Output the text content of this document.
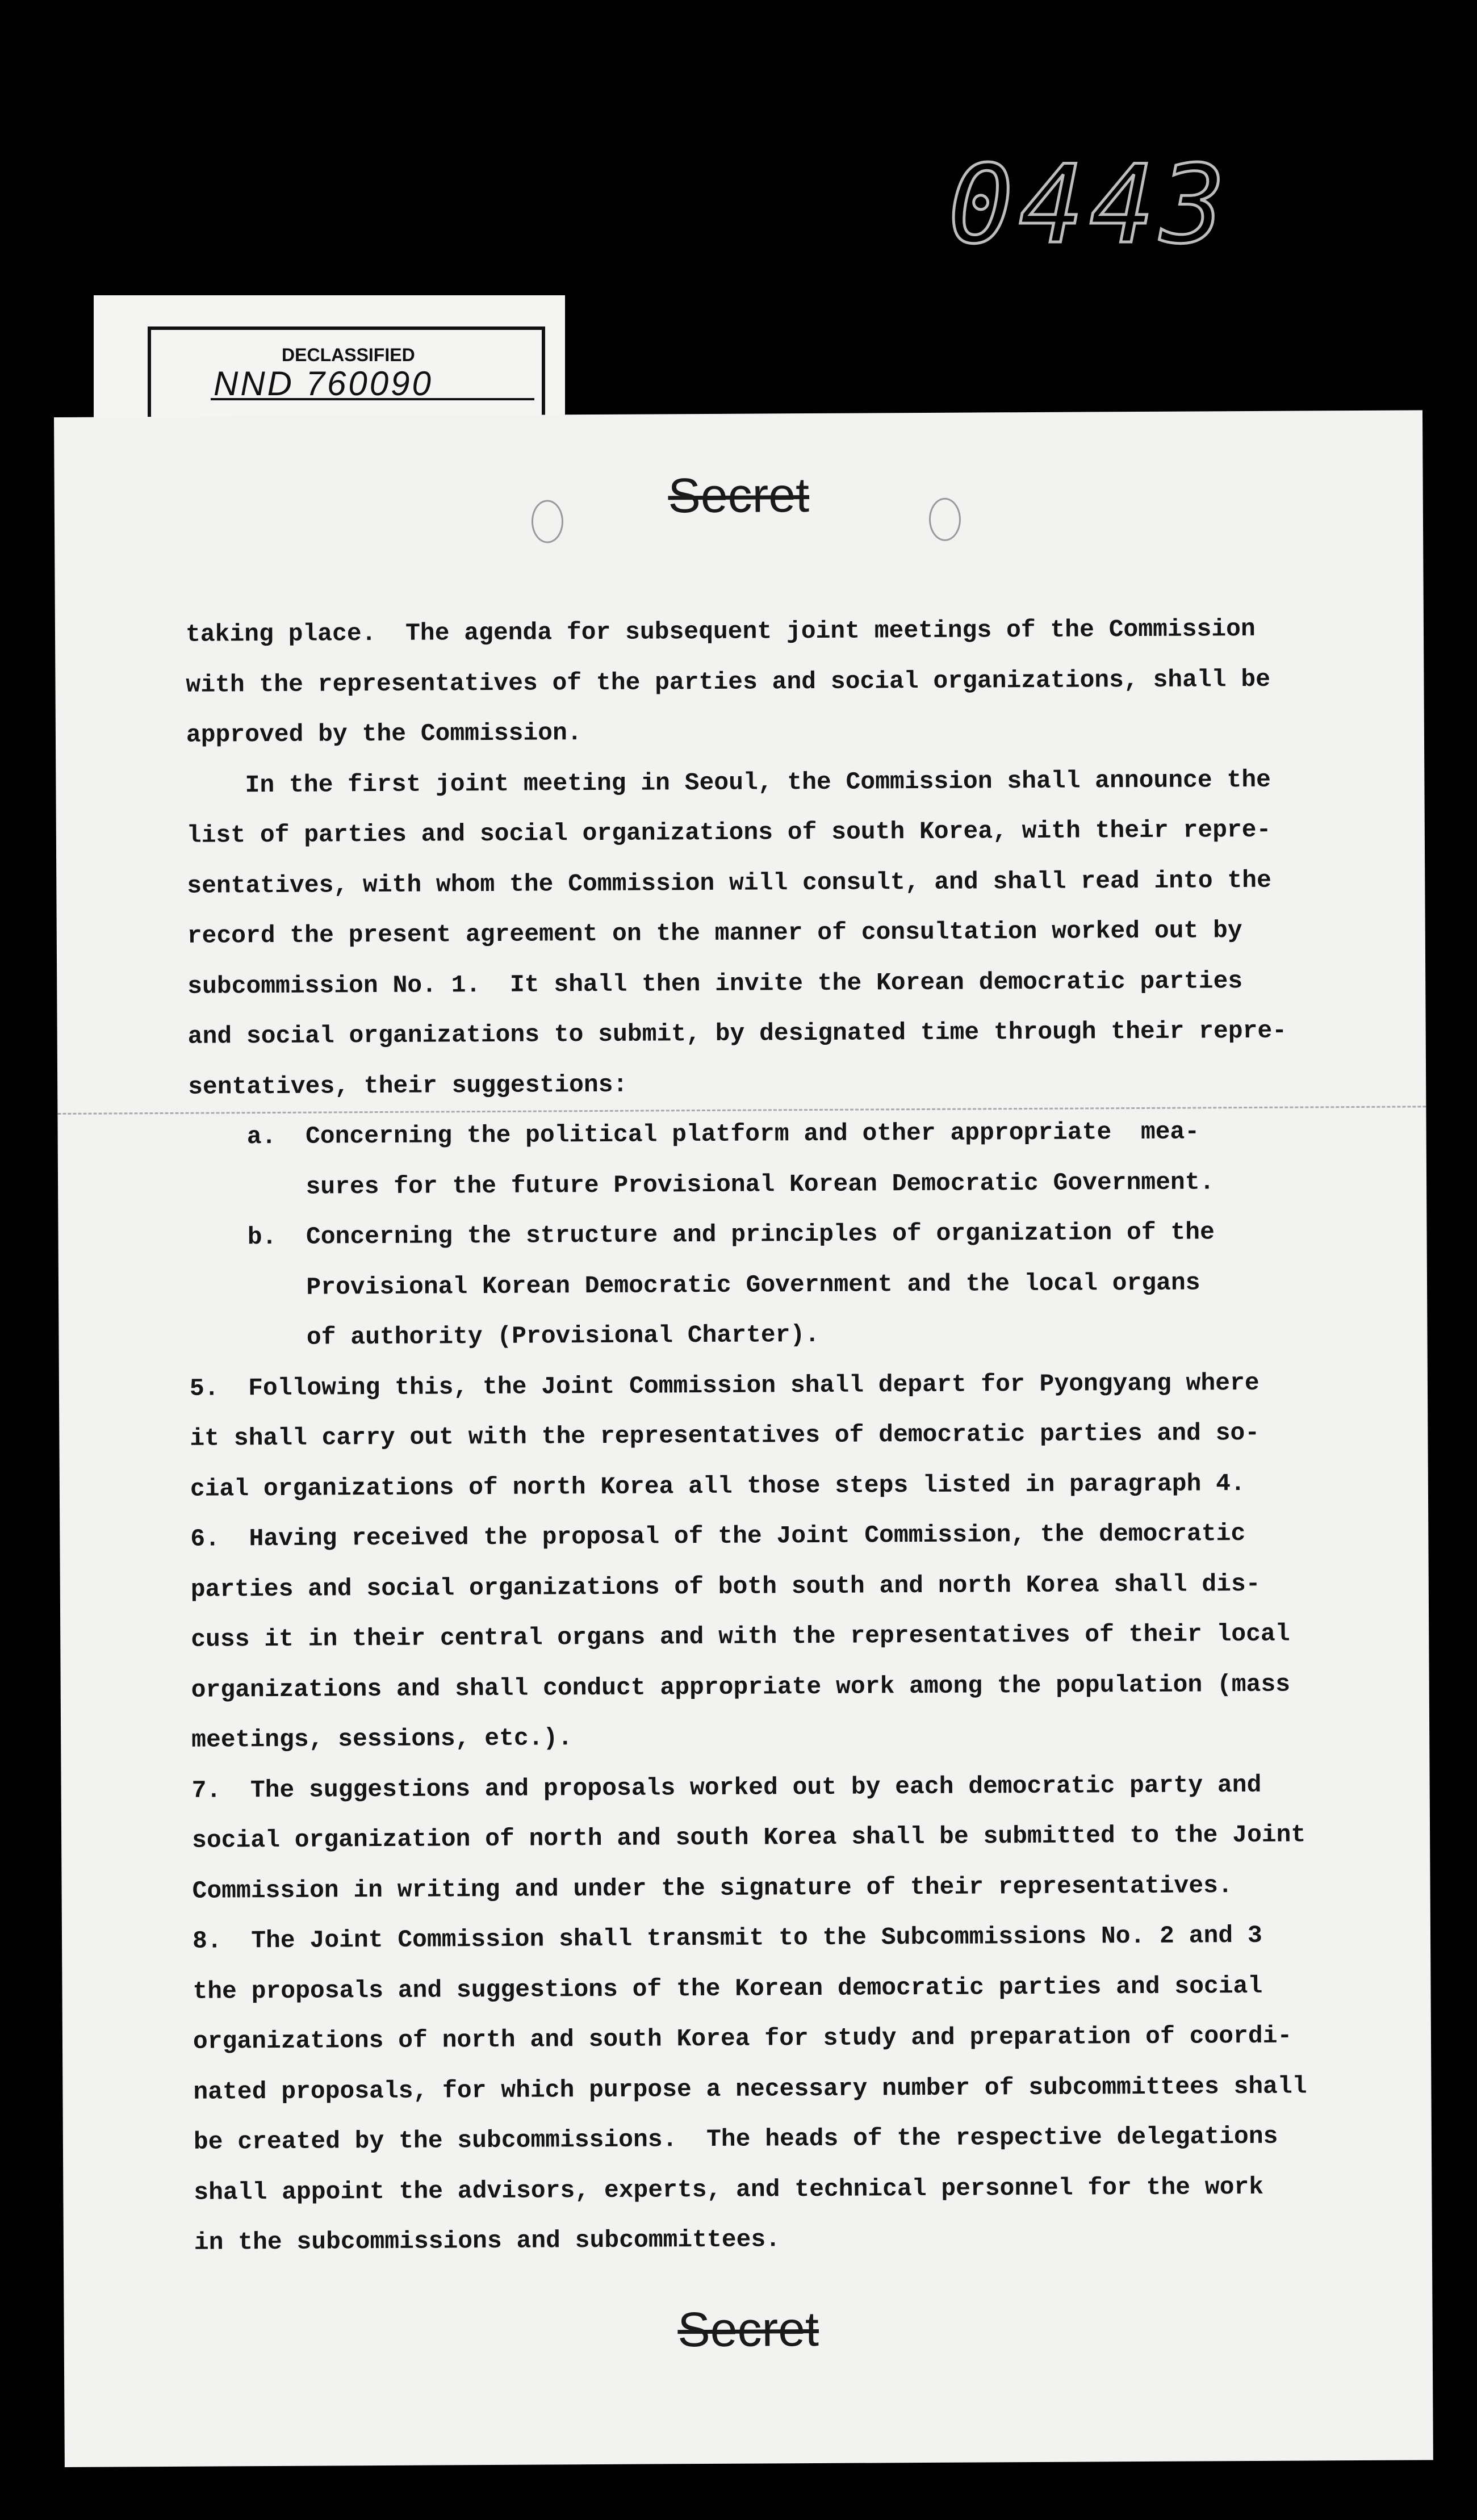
0443
DECLASSIFIED
NND 760090
Secret
taking place.  The agenda for subsequent joint meetings of the Commission
with the representatives of the parties and social organizations, shall be
approved by the Commission.
In the first joint meeting in Seoul, the Commission shall announce the
list of parties and social organizations of south Korea, with their repre-
sentatives, with whom the Commission will consult, and shall read into the
record the present agreement on the manner of consultation worked out by
subcommission No. 1.  It shall then invite the Korean democratic parties
and social organizations to submit, by designated time through their repre-
sentatives, their suggestions:
a.  Concerning the political platform and other appropriate  mea-
sures for the future Provisional Korean Democratic Government.
b.  Concerning the structure and principles of organization of the
Provisional Korean Democratic Government and the local organs
of authority (Provisional Charter).
5.  Following this, the Joint Commission shall depart for Pyongyang where
it shall carry out with the representatives of democratic parties and so-
cial organizations of north Korea all those steps listed in paragraph 4.
6.  Having received the proposal of the Joint Commission, the democratic
parties and social organizations of both south and north Korea shall dis-
cuss it in their central organs and with the representatives of their local
organizations and shall conduct appropriate work among the population (mass
meetings, sessions, etc.).
7.  The suggestions and proposals worked out by each democratic party and
social organization of north and south Korea shall be submitted to the Joint
Commission in writing and under the signature of their representatives.
8.  The Joint Commission shall transmit to the Subcommissions No. 2 and 3
the proposals and suggestions of the Korean democratic parties and social
organizations of north and south Korea for study and preparation of coordi-
nated proposals, for which purpose a necessary number of subcommittees shall
be created by the subcommissions.  The heads of the respective delegations
shall appoint the advisors, experts, and technical personnel for the work
in the subcommissions and subcommittees.
Secret
